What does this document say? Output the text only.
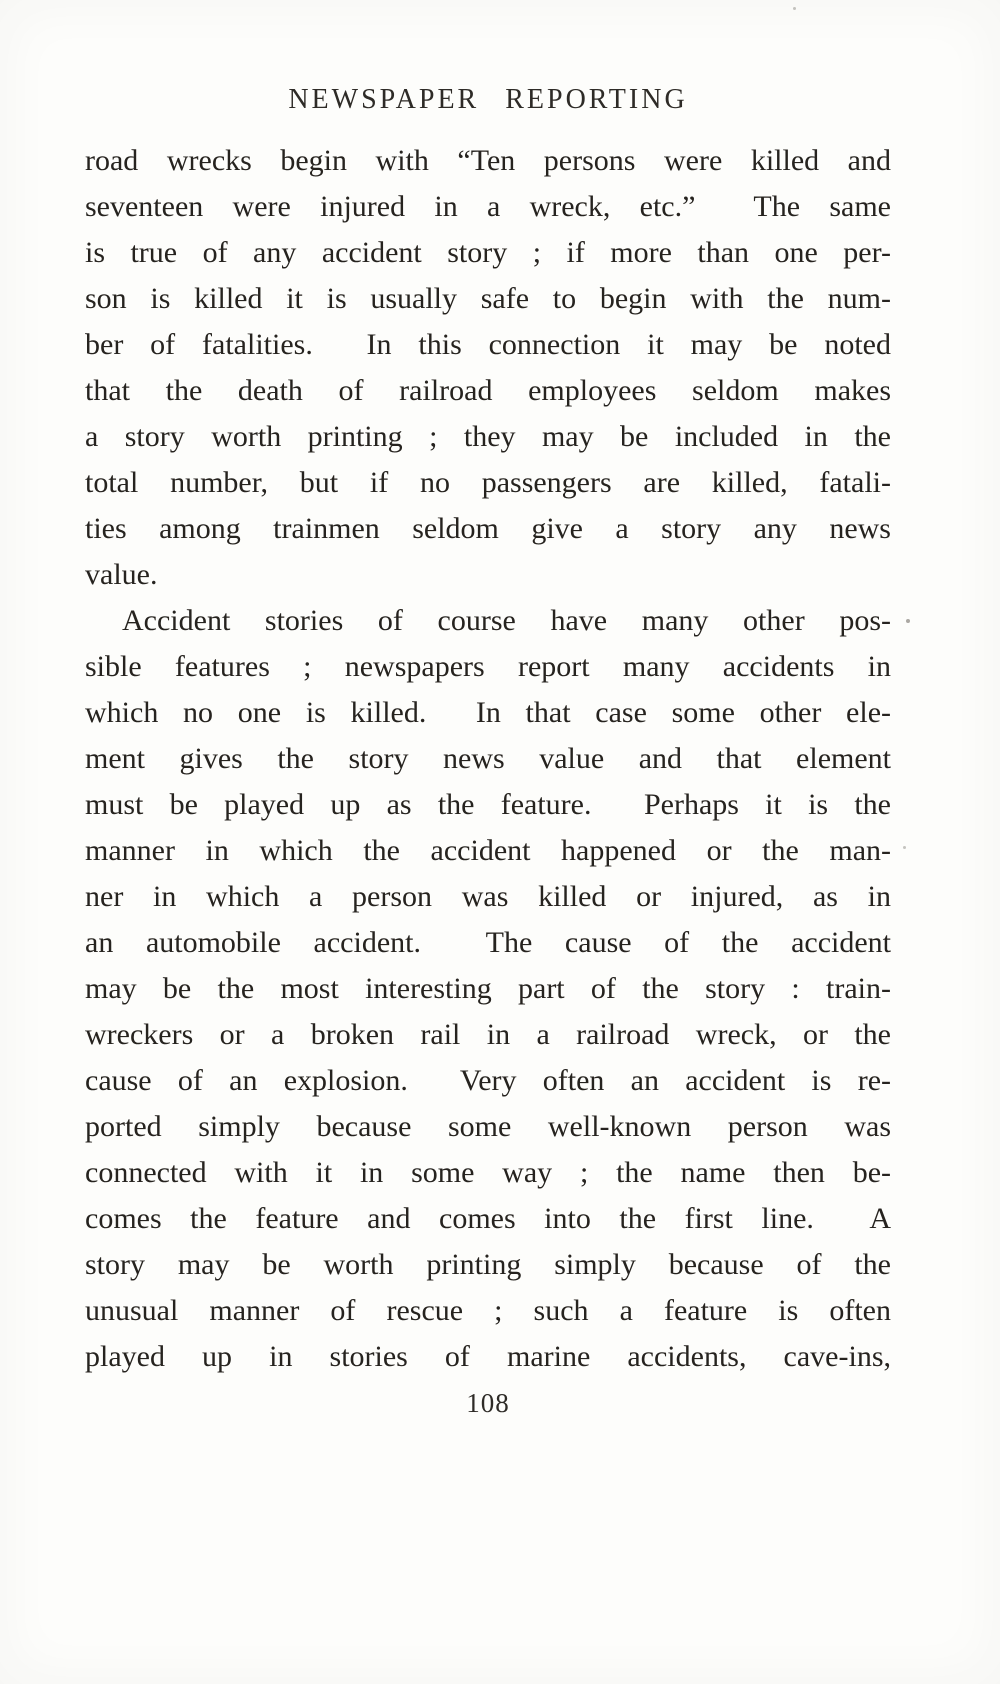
NEWSPAPER REPORTING
road wrecks begin with “Ten persons were killed and
seventeen were injured in a wreck, etc.”  The same
is true of any accident story ; if more than one per-
son is killed it is usually safe to begin with the num-
ber of fatalities.  In this connection it may be noted
that the death of railroad employees seldom makes
a story worth printing ; they may be included in the
total number, but if no passengers are killed, fatali-
ties among trainmen seldom give a story any news
value.
Accident stories of course have many other pos-
sible features ; newspapers report many accidents in
which no one is killed.  In that case some other ele-
ment gives the story news value and that element
must be played up as the feature.  Perhaps it is the
manner in which the accident happened or the man-
ner in which a person was killed or injured, as in
an automobile accident.  The cause of the accident
may be the most interesting part of the story : train-
wreckers or a broken rail in a railroad wreck, or the
cause of an explosion.  Very often an accident is re-
ported simply because some well-known person was
connected with it in some way ; the name then be-
comes the feature and comes into the first line.  A
story may be worth printing simply because of the
unusual manner of rescue ; such a feature is often
played up in stories of marine accidents, cave-ins,
108
